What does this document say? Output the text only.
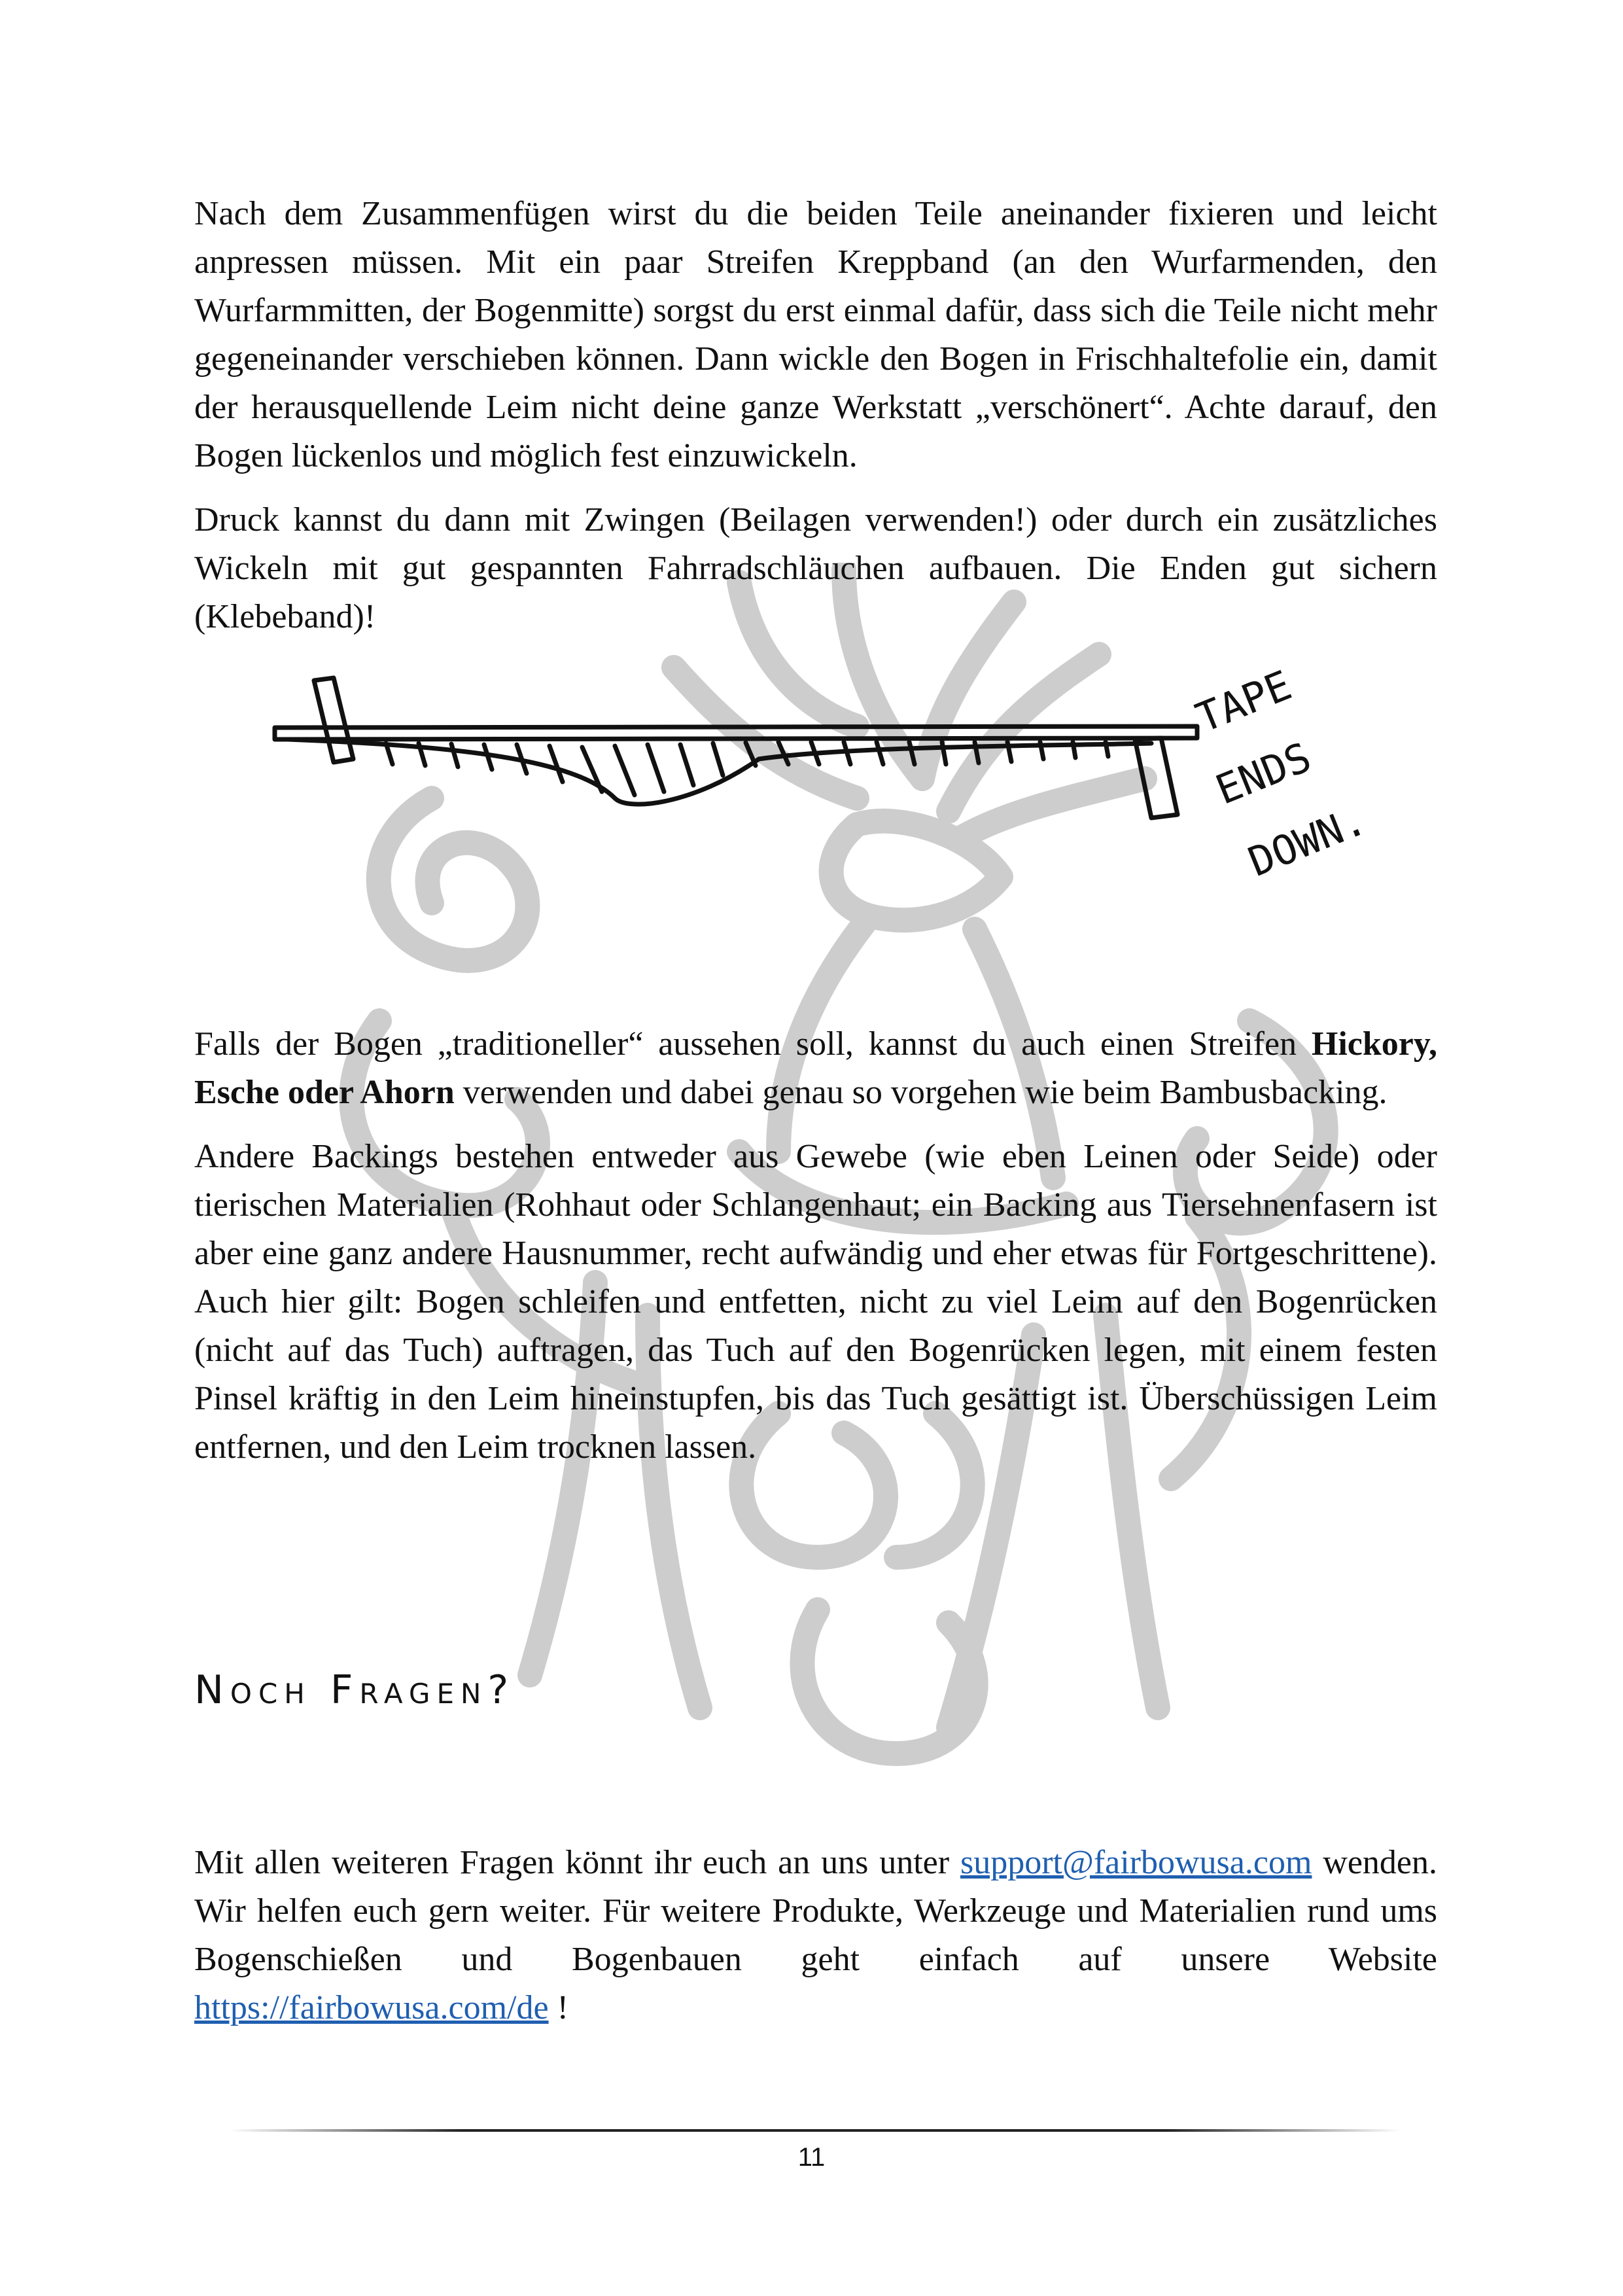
Nach dem Zusammenfügen wirst du die beiden Teile aneinander fixieren und leicht anpressen müssen. Mit ein paar Streifen Kreppband (an den Wurfarmenden, den Wurfarmmitten, der Bogenmitte) sorgst du erst einmal dafür, dass sich die Teile nicht mehr gegeneinander verschieben können. Dann wickle den Bogen in Frischhaltefolie ein, damit der herausquellende Leim nicht deine ganze Werkstatt „verschönert“. Achte darauf, den Bogen lückenlos und möglich fest einzuwickeln.

Druck kannst du dann mit Zwingen (Beilagen verwenden!) oder durch ein zusätzliches Wickeln mit gut gespannten Fahrradschläuchen aufbauen. Die Enden gut sichern (Klebeband)!

Falls der Bogen „traditioneller“ aussehen soll, kannst du auch einen Streifen Hickory, Esche oder Ahorn verwenden und dabei genau so vorgehen wie beim Bambusbacking.

Andere Backings bestehen entweder aus Gewebe (wie eben Leinen oder Seide) oder tierischen Materialien (Rohhaut oder Schlangenhaut; ein Backing aus Tiersehnenfasern ist aber eine ganz andere Hausnummer, recht aufwändig und eher etwas für Fortgeschrittene). Auch hier gilt: Bogen schleifen und entfetten, nicht zu viel Leim auf den Bogenrücken (nicht auf das Tuch) auftragen, das Tuch auf den Bogenrücken legen, mit einem festen Pinsel kräftig in den Leim hineinstupfen, bis das Tuch gesättigt ist. Überschüssigen Leim entfernen, und den Leim trocknen lassen.

TAPE
ENDS
DOWN.
Noch Fragen?

Mit allen weiteren Fragen könnt ihr euch an uns unter support@fairbowusa.com wenden. Wir helfen euch gern weiter. Für weitere Produkte, Werkzeuge und Materialien rund ums Bogenschießen und Bogenbauen geht einfach auf unsere Website https://fairbowusa.com/de !

11
